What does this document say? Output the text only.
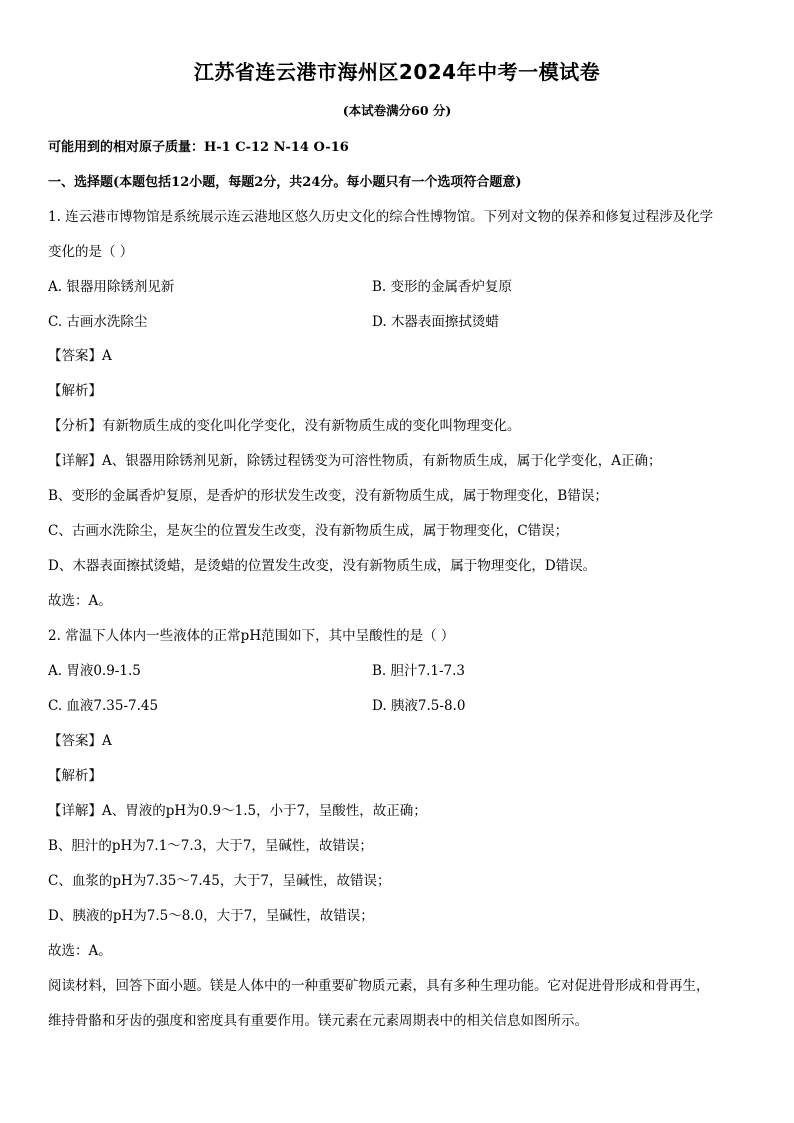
江苏省连云港市海州区2024年中考一模试卷
(本试卷满分60 分)
可能用到的相对原子质量：H-1 C-12 N-14 O-16
一、选择题(本题包括12小题，每题2分，共24分。每小题只有一个选项符合题意)
1. 连云港市博物馆是系统展示连云港地区悠久历史文化的综合性博物馆。下列对文物的保养和修复过程涉及化学
变化的是（ ）
A. 银器用除锈剂见新	B. 变形的金属香炉复原
C. 古画水洗除尘	D. 木器表面擦拭烫蜡
【答案】A
【解析】
【分析】有新物质生成的变化叫化学变化，没有新物质生成的变化叫物理变化。
【详解】A、银器用除锈剂见新，除锈过程锈变为可溶性物质，有新物质生成，属于化学变化，A正确；
B、变形的金属香炉复原，是香炉的形状发生改变，没有新物质生成，属于物理变化，B错误；
C、古画水洗除尘，是灰尘的位置发生改变，没有新物质生成，属于物理变化，C错误；
D、木器表面擦拭烫蜡，是烫蜡的位置发生改变，没有新物质生成，属于物理变化，D错误。
故选：A。
2. 常温下人体内一些液体的正常pH范围如下，其中呈酸性的是（ ）
A. 胃液0.9-1.5	B. 胆汁7.1-7.3
C. 血液7.35-7.45	D. 胰液7.5-8.0
【答案】A
【解析】
【详解】A、胃液的pH为0.9～1.5，小于7，呈酸性，故正确；
B、胆汁的pH为7.1～7.3，大于7，呈碱性，故错误；
C、血浆的pH为7.35～7.45，大于7，呈碱性，故错误；
D、胰液的pH为7.5～8.0，大于7，呈碱性，故错误；
故选：A。
阅读材料，回答下面小题。镁是人体中的一种重要矿物质元素，具有多种生理功能。它对促进骨形成和骨再生，
维持骨骼和牙齿的强度和密度具有重要作用。镁元素在元素周期表中的相关信息如图所示。
